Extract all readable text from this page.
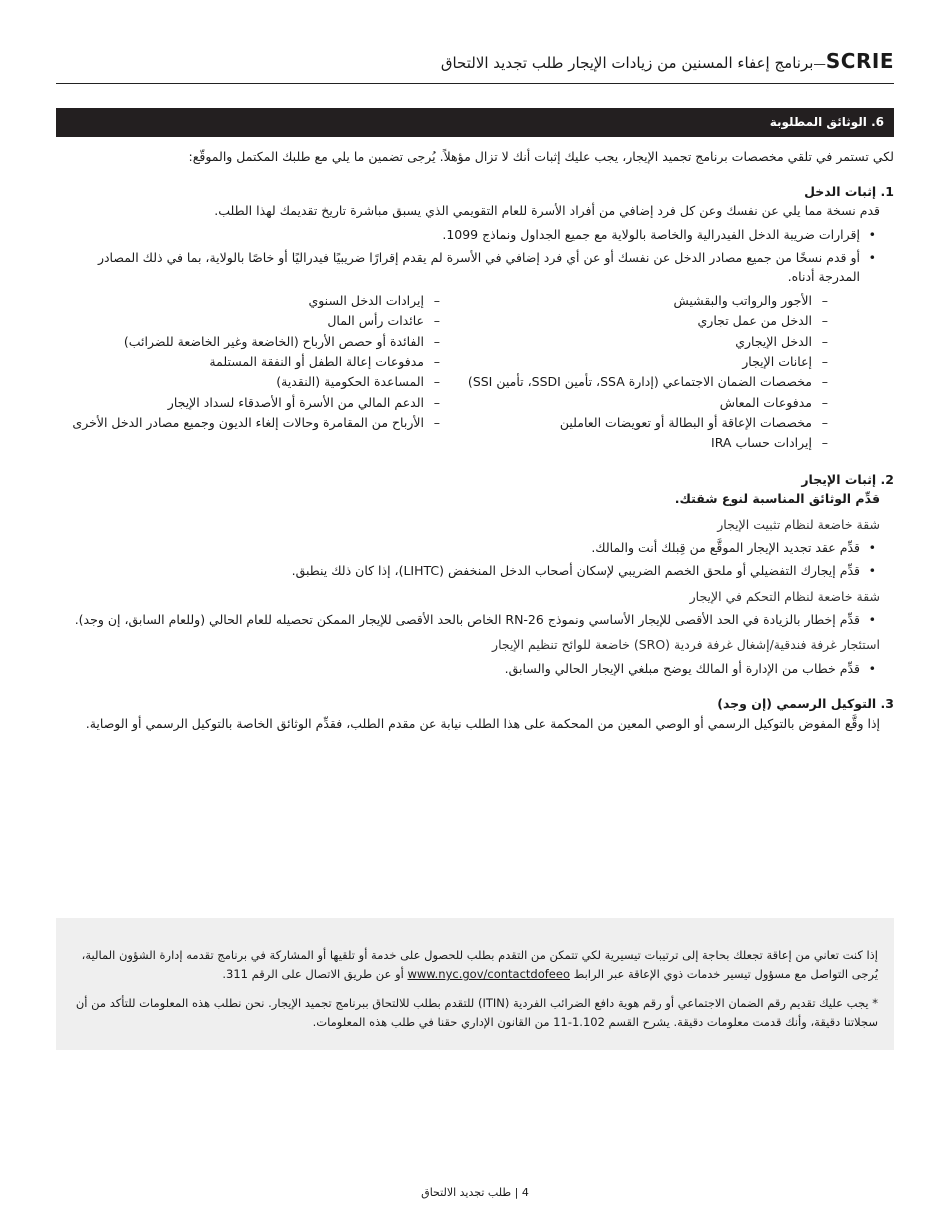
SCRIE
—
برنامج إعفاء المسنين من زيادات الإيجار طلب تجديد الالتحاق
6. الوثائق المطلوبة
لكي تستمر في تلقي مخصصات برنامج تجميد الإيجار، يجب عليك إثبات أنك لا تزال مؤهلاً. يُرجى تضمين ما يلي مع طلبك المكتمل والموقّع:
1. إثبات الدخل
قدم نسخة مما يلي عن نفسك وعن كل فرد إضافي من أفراد الأسرة للعام التقويمي الذي يسبق مباشرة تاريخ تقديمك لهذا الطلب.
• إقرارات ضريبة الدخل الفيدرالية والخاصة بالولاية مع جميع الجداول ونماذج 1099.
• أو قدم نسخًا من جميع مصادر الدخل عن نفسك أو عن أي فرد إضافي في الأسرة لم يقدم إقرارًا ضريبيًا فيدراليًا أو خاصًا بالولاية، بما في ذلك المصادر المدرجة أدناه.
– الأجور والرواتب والبقشيش
– الدخل من عمل تجاري
– الدخل الإيجاري
– إعانات الإيجار
– مخصصات الضمان الاجتماعي (إدارة SSA، تأمين SSDI، تأمين SSI)
– مدفوعات المعاش
– مخصصات الإعاقة أو البطالة أو تعويضات العاملين
– إيرادات حساب IRA
– إيرادات الدخل السنوي
– عائدات رأس المال
– الفائدة أو حصص الأرباح (الخاضعة وغير الخاضعة للضرائب)
– مدفوعات إعالة الطفل أو النفقة المستلمة
– المساعدة الحكومية (النقدية)
– الدعم المالي من الأسرة أو الأصدقاء لسداد الإيجار
– الأرباح من المقامرة وحالات إلغاء الديون وجميع مصادر الدخل الأخرى
2. إثبات الإيجار
قدِّم الوثائق المناسبة لنوع شقتك.
شقة خاضعة لنظام تثبيت الإيجار
• قدِّم عقد تجديد الإيجار الموقَّع من قِبلك أنت والمالك.
• قدِّم إيجارك التفضيلي أو ملحق الخصم الضريبي لإسكان أصحاب الدخل المنخفض (LIHTC)، إذا كان ذلك ينطبق.
شقة خاضعة لنظام التحكم في الإيجار
• قدِّم إخطار بالزيادة في الحد الأقصى للإيجار الأساسي ونموذج RN-26 الخاص بالحد الأقصى للإيجار الممكن تحصيله للعام الحالي (وللعام السابق، إن وجد).
استئجار غرفة فندقية/إشغال غرفة فردية (SRO) خاضعة للوائح تنظيم الإيجار
• قدِّم خطاب من الإدارة أو المالك يوضح مبلغي الإيجار الحالي والسابق.
3. التوكيل الرسمي (إن وجد)
إذا وقَّع المفوض بالتوكيل الرسمي أو الوصي المعين من المحكمة على هذا الطلب نيابة عن مقدم الطلب، فقدِّم الوثائق الخاصة بالتوكيل الرسمي أو الوصاية.

إذا كنت تعاني من إعاقة تجعلك بحاجة إلى ترتيبات تيسيرية لكي تتمكن من التقدم بطلب للحصول على خدمة أو تلقيها أو المشاركة في برنامج تقدمه إدارة الشؤون المالية، يُرجى التواصل مع مسؤول تيسير خدمات ذوي الإعاقة عبر الرابط www.nyc.gov/contactdofeeo أو عن طريق الاتصال على الرقم 311.

* يجب عليك تقديم رقم الضمان الاجتماعي أو رقم هوية دافع الضرائب الفردية (ITIN) للتقدم بطلب للالتحاق ببرنامج تجميد الإيجار. نحن نطلب هذه المعلومات للتأكد من أن سجلاتنا دقيقة، وأنك قدمت معلومات دقيقة. يشرح القسم 1.102-11 من القانون الإداري حقنا في طلب هذه المعلومات.

4 | طلب تجديد الالتحاق
